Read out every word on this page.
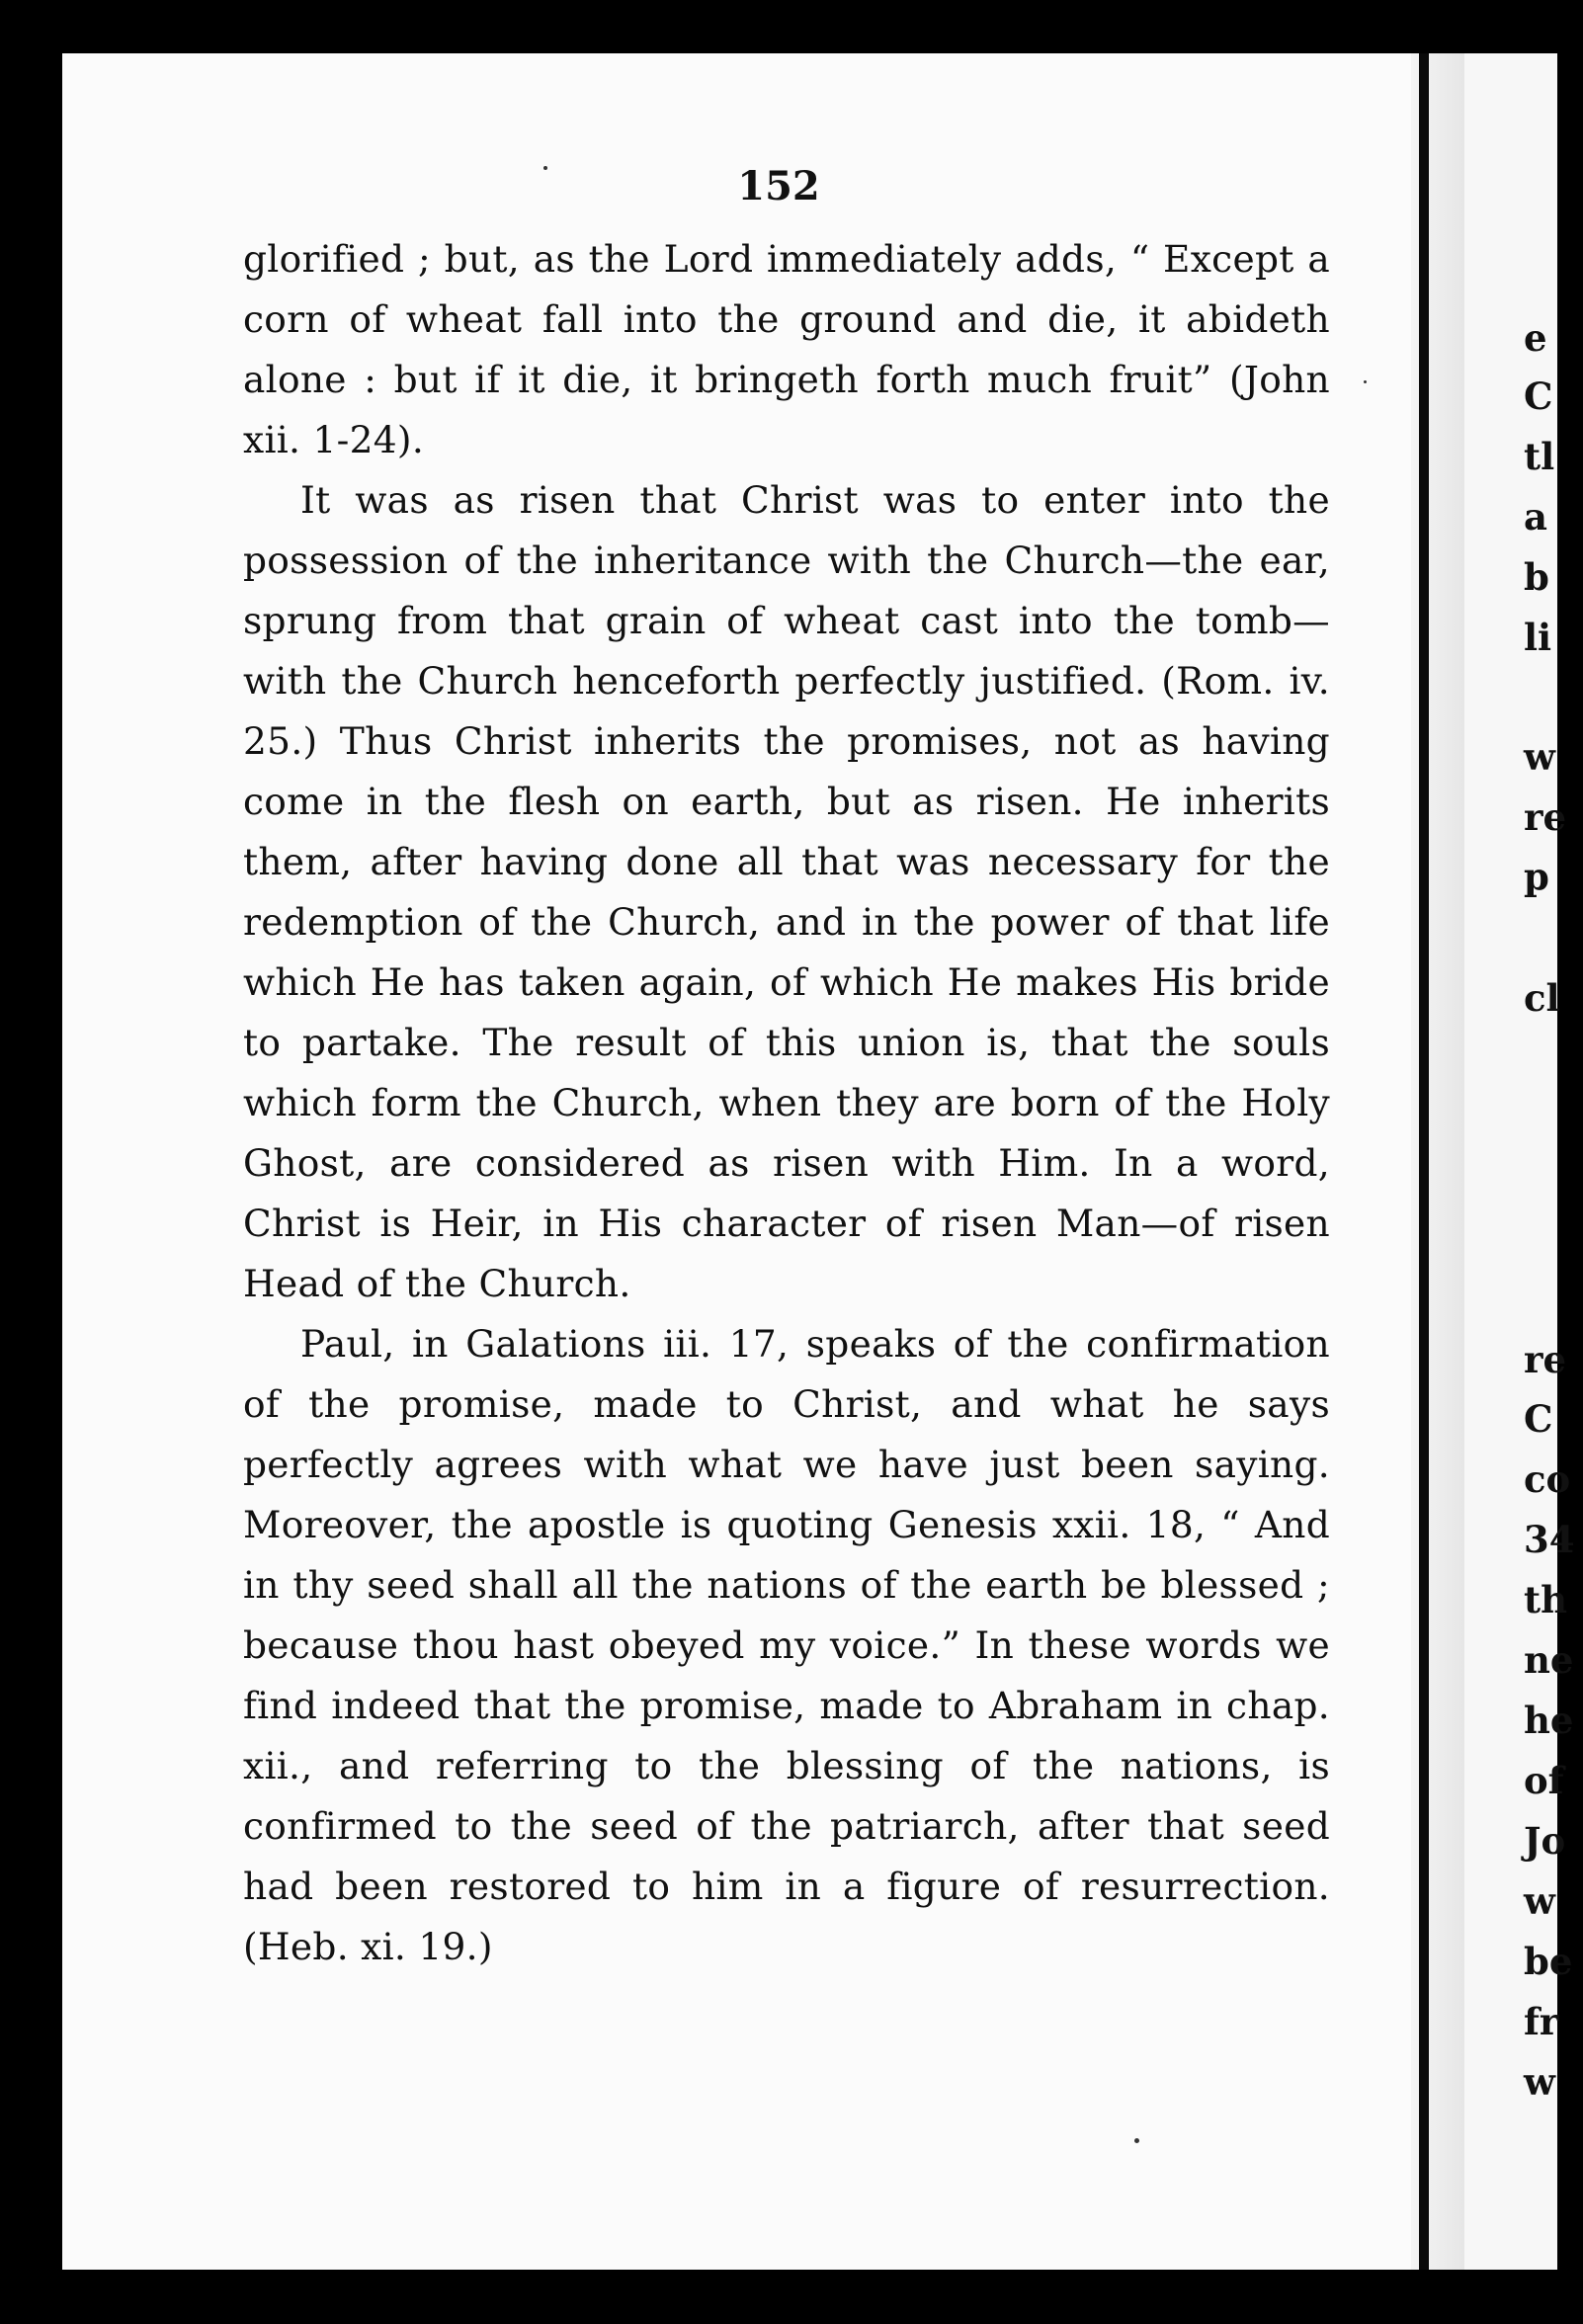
152

glorified ; but, as the Lord immediately adds, “ Except a corn of wheat fall into the ground and die, it abideth alone : but if it die, it bringeth forth much fruit” (John xii. 1-24).

It was as risen that Christ was to enter into the possession of the inheritance with the Church—the ear, sprung from that grain of wheat cast into the tomb—with the Church henceforth perfectly justified. (Rom. iv. 25.) Thus Christ inherits the promises, not as having come in the flesh on earth, but as risen. He inherits them, after having done all that was necessary for the redemption of the Church, and in the power of that life which He has taken again, of which He makes His bride to partake. The result of this union is, that the souls which form the Church, when they are born of the Holy Ghost, are considered as risen with Him. In a word, Christ is Heir, in His character of risen Man—of risen Head of the Church.

Paul, in Galations iii. 17, speaks of the confirmation of the promise, made to Christ, and what he says perfectly agrees with what we have just been saying. Moreover, the apostle is quoting Genesis xxii. 18, “ And in thy seed shall all the nations of the earth be blessed ; because thou hast obeyed my voice.” In these words we find indeed that the promise, made to Abraham in chap. xii., and referring to the blessing of the nations, is confirmed to the seed of the patriarch, after that seed had been restored to him in a figure of resurrection. (Heb. xi. 19.)

e
C
tl
a
b
li
w
re
p
cl
re
C
co
34
th
ne
he
of
Jo
w
be
fr
w
